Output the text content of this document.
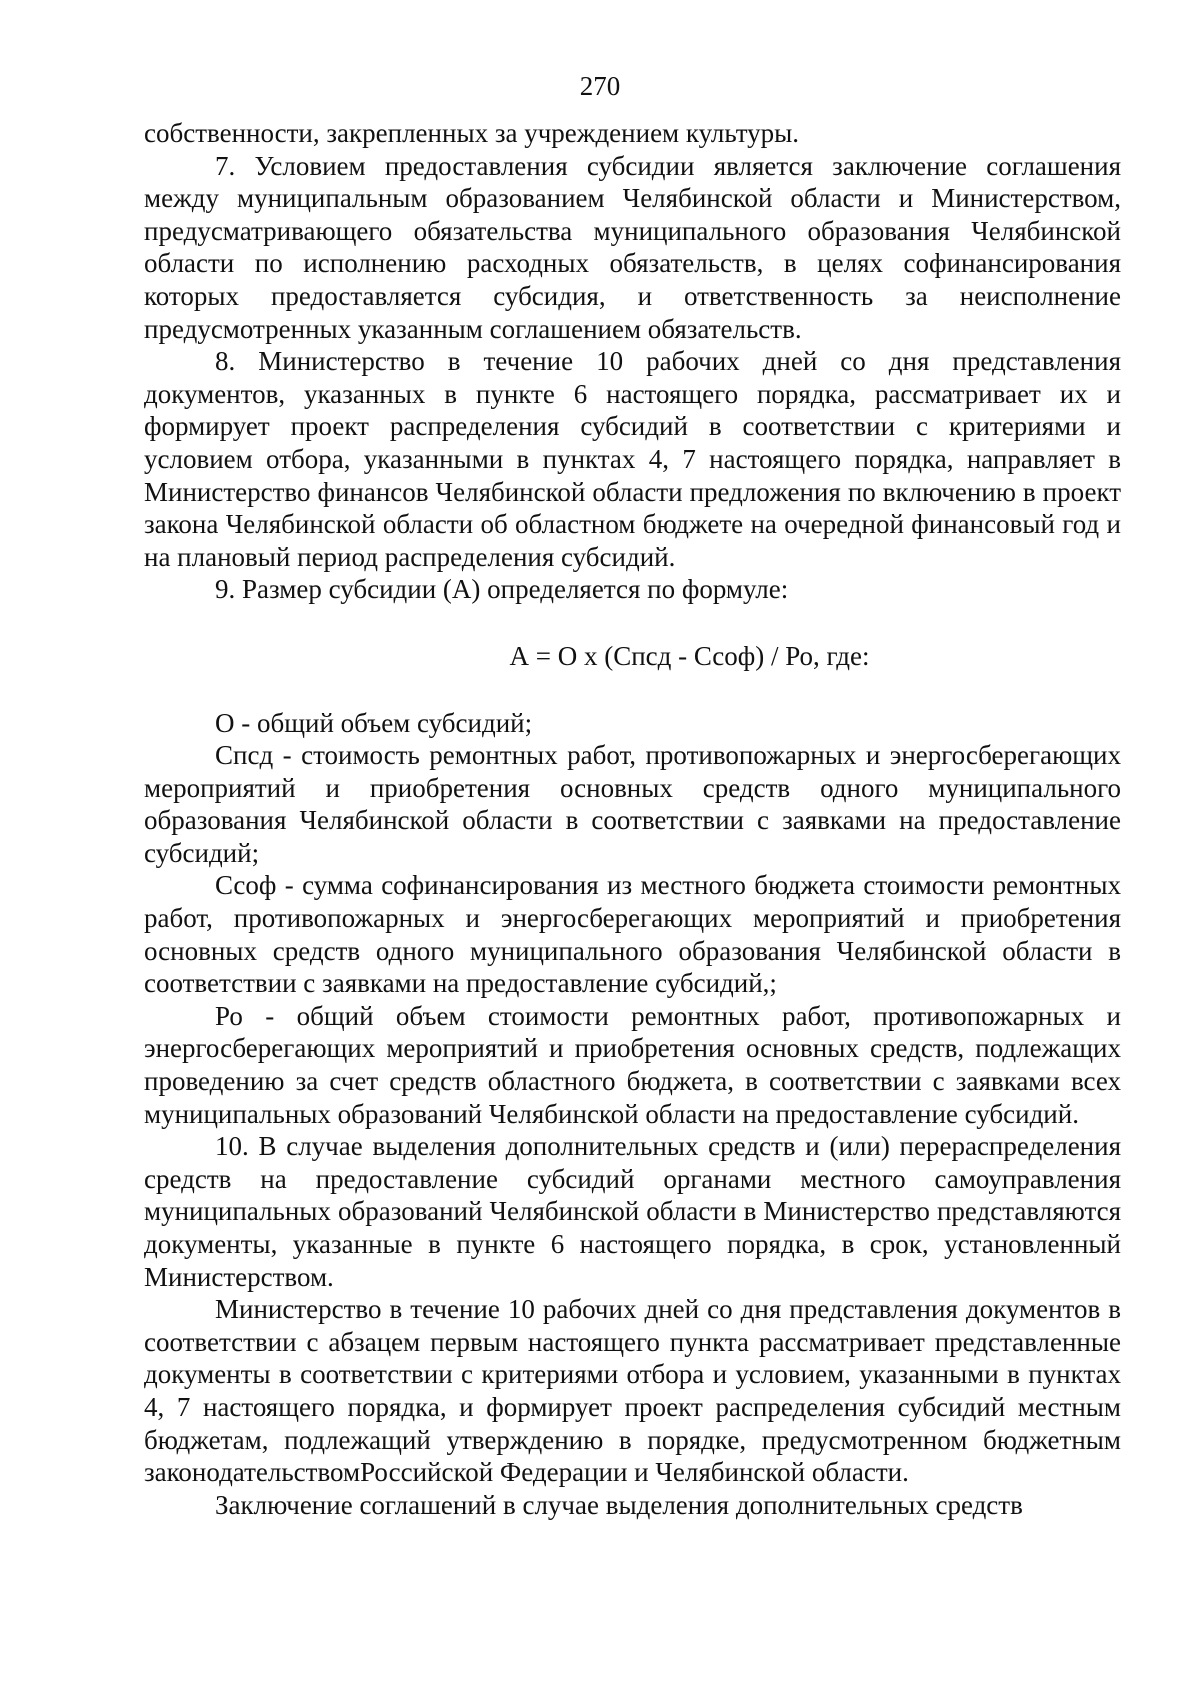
270

собственности, закрепленных за учреждением культуры.

7. Условием предоставления субсидии является заключение соглашения между муниципальным образованием Челябинской области и Министерством, предусматривающего обязательства муниципального образования Челябинской области по исполнению расходных обязательств, в целях софинансирования которых предоставляется субсидия, и ответственность за неисполнение предусмотренных указанным соглашением обязательств.

8. Министерство в течение 10 рабочих дней со дня представления документов, указанных в пункте 6 настоящего порядка, рассматривает их и формирует проект распределения субсидий в соответствии с критериями и условием отбора, указанными в пунктах 4, 7 настоящего порядка, направляет в Министерство финансов Челябинской области предложения по включению в проект закона Челябинской области об областном бюджете на очередной финансовый год и на плановый период распределения субсидий.

9. Размер субсидии (А) определяется по формуле:

А = О х (Спсд - Ссоф) / Ро, где:

О - общий объем субсидий;

Спсд - стоимость ремонтных работ, противопожарных и энергосберегающих мероприятий и приобретения основных средств одного муниципального образования Челябинской области в соответствии с заявками на предоставление субсидий;

Ссоф - сумма софинансирования из местного бюджета стоимости ремонтных работ, противопожарных и энергосберегающих мероприятий и приобретения основных средств одного муниципального образования Челябинской области в соответствии с заявками на предоставление субсидий,;

Ро - общий объем стоимости ремонтных работ, противопожарных и энергосберегающих мероприятий и приобретения основных средств, подлежащих проведению за счет средств областного бюджета, в соответствии с заявками всех муниципальных образований Челябинской области на предоставление субсидий.

10. В случае выделения дополнительных средств и (или) перераспределения средств на предоставление субсидий органами местного самоуправления муниципальных образований Челябинской области в Министерство представляются документы, указанные в пункте 6 настоящего порядка, в срок, установленный Министерством.

Министерство в течение 10 рабочих дней со дня представления документов в соответствии с абзацем первым настоящего пункта рассматривает представленные документы в соответствии с критериями отбора и условием, указанными в пунктах 4, 7 настоящего порядка, и формирует проект распределения субсидий местным бюджетам, подлежащий утверждению в порядке, предусмотренном бюджетным законодательствомРоссийской Федерации и Челябинской области.

Заключение соглашений в случае выделения дополнительных средств
